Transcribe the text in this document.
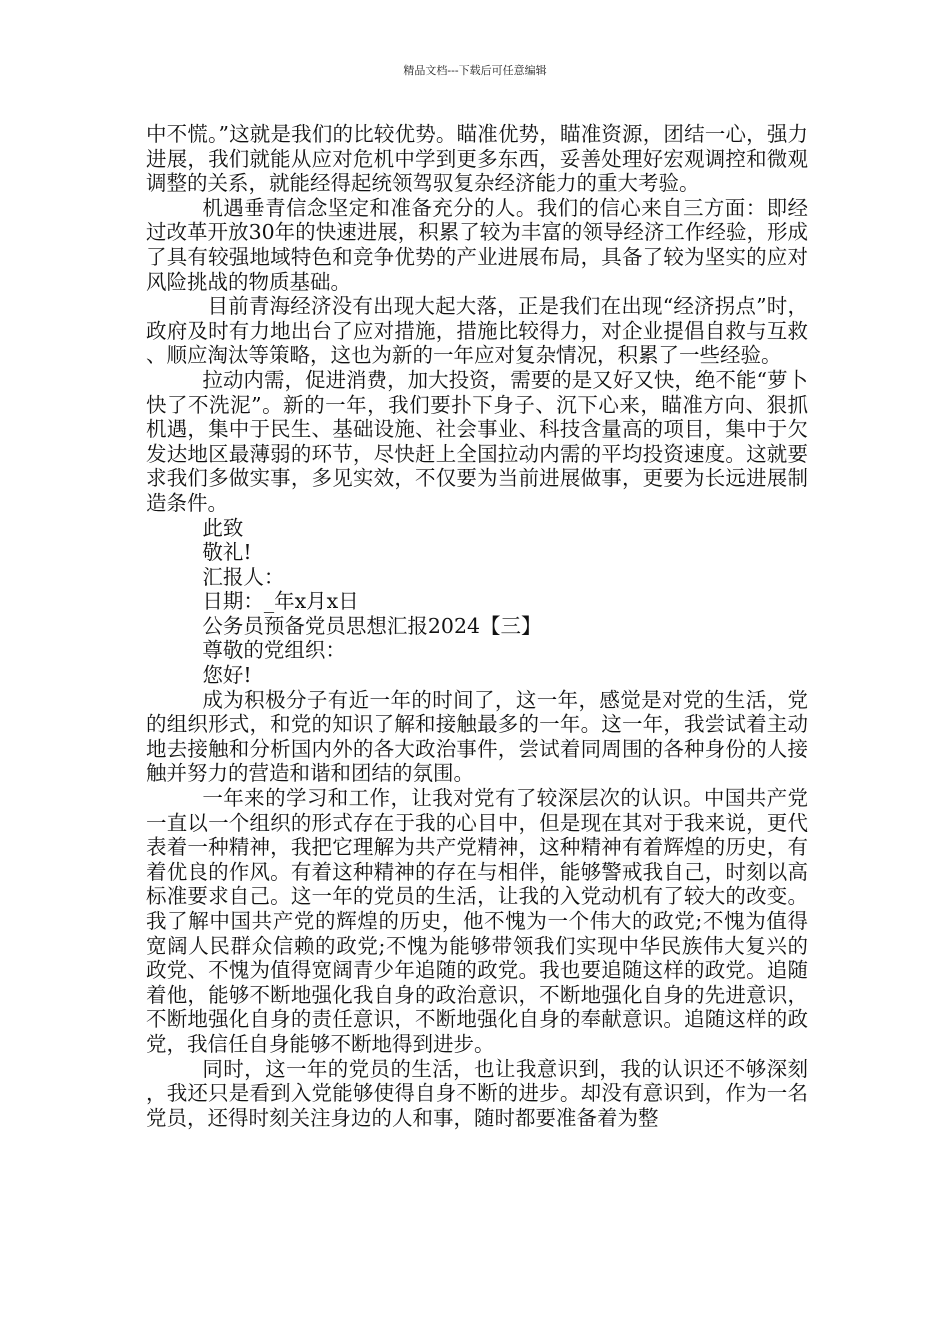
精品文档---下载后可任意编辑

中不慌。”这就是我们的比较优势。瞄准优势，瞄准资源，团结一心，强力进展，我们就能从应对危机中学到更多东西，妥善处理好宏观调控和微观调整的关系，就能经得起统领驾驭复杂经济能力的重大考验。

机遇垂青信念坚定和准备充分的人。我们的信心来自三方面：即经过改革开放30年的快速进展，积累了较为丰富的领导经济工作经验，形成了具有较强地域特色和竞争优势的产业进展布局，具备了较为坚实的应对风险挑战的物质基础。

目前青海经济没有出现大起大落，正是我们在出现“经济拐点”时，政府及时有力地出台了应对措施，措施比较得力，对企业提倡自救与互救、顺应淘汰等策略，这也为新的一年应对复杂情况，积累了一些经验。

拉动内需，促进消费，加大投资，需要的是又好又快，绝不能“萝卜快了不洗泥”。新的一年，我们要扑下身子、沉下心来，瞄准方向、狠抓机遇，集中于民生、基础设施、社会事业、科技含量高的项目，集中于欠发达地区最薄弱的环节，尽快赶上全国拉动内需的平均投资速度。这就要求我们多做实事，多见实效，不仅要为当前进展做事，更要为长远进展制造条件。

此致

敬礼!

汇报人：

日期：_年x月x日

公务员预备党员思想汇报2024【三】

尊敬的党组织：

您好!

成为积极分子有近一年的时间了，这一年，感觉是对党的生活，党的组织形式，和党的知识了解和接触最多的一年。这一年，我尝试着主动地去接触和分析国内外的各大政治事件，尝试着同周围的各种身份的人接触并努力的营造和谐和团结的氛围。

一年来的学习和工作，让我对党有了较深层次的认识。中国共产党一直以一个组织的形式存在于我的心目中，但是现在其对于我来说，更代表着一种精神，我把它理解为共产党精神，这种精神有着辉煌的历史，有着优良的作风。有着这种精神的存在与相伴，能够警戒我自己，时刻以高标准要求自己。这一年的党员的生活，让我的入党动机有了较大的改变。我了解中国共产党的辉煌的历史，他不愧为一个伟大的政党;不愧为值得宽阔人民群众信赖的政党;不愧为能够带领我们实现中华民族伟大复兴的政党、不愧为值得宽阔青少年追随的政党。我也要追随这样的政党。追随着他，能够不断地强化我自身的政治意识，不断地强化自身的先进意识，不断地强化自身的责任意识，不断地强化自身的奉献意识。追随这样的政党，我信任自身能够不断地得到进步。

同时，这一年的党员的生活，也让我意识到，我的认识还不够深刻，我还只是看到入党能够使得自身不断的进步。却没有意识到，作为一名党员，还得时刻关注身边的人和事，随时都要准备着为整
